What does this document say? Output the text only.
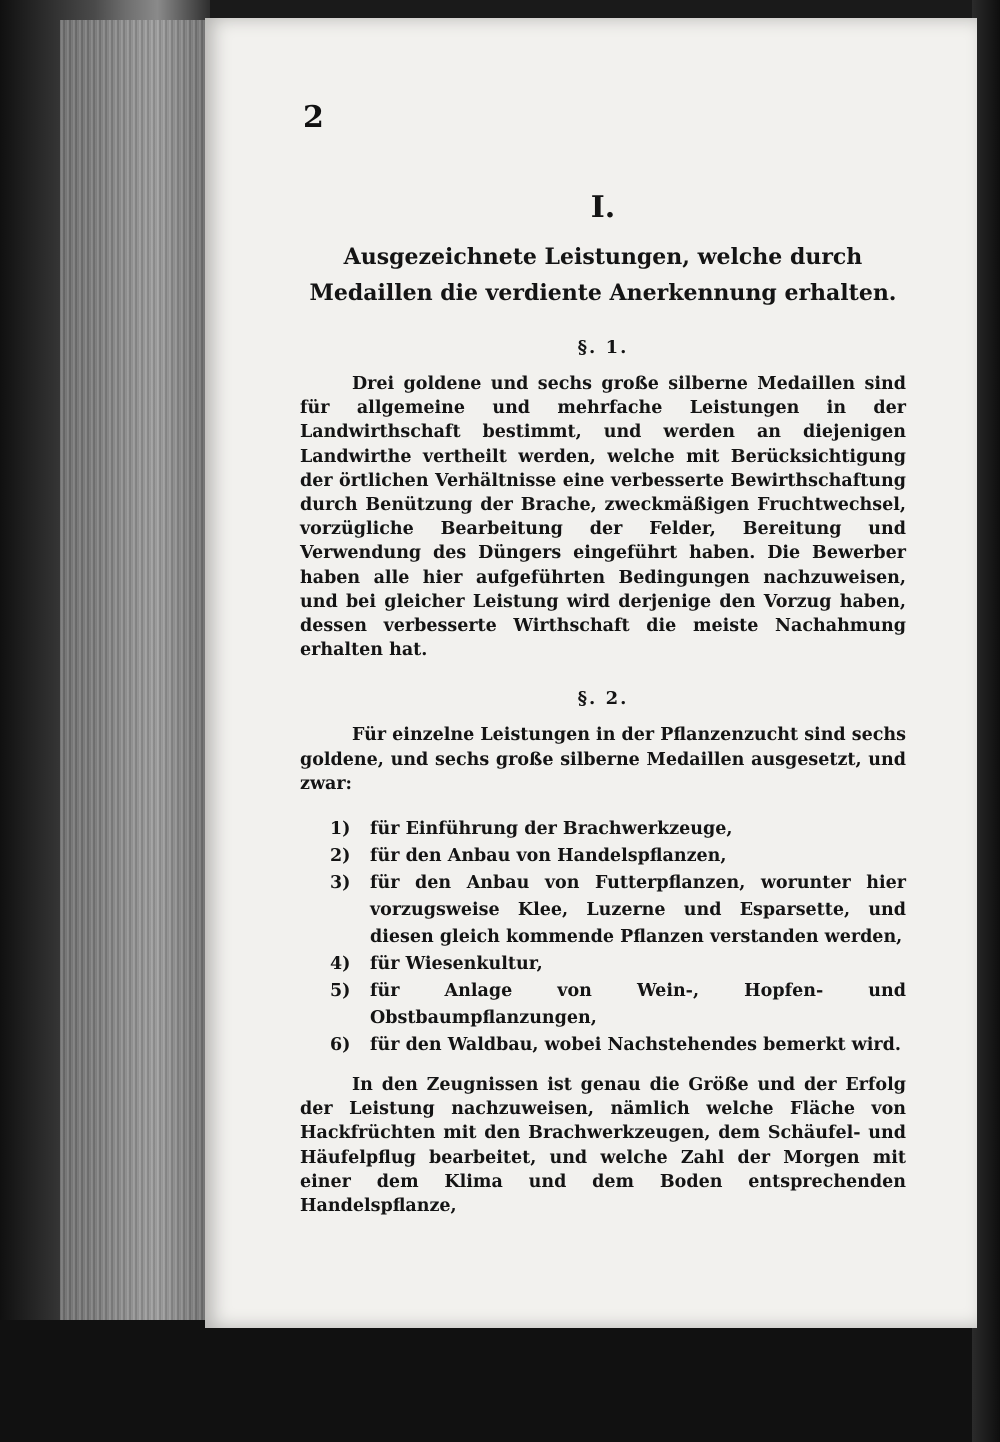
2
I.
Ausgezeichnete Leistungen, welche durch Medaillen die verdiente Anerkennung erhalten.
§. 1.

Drei goldene und sechs große silberne Medaillen sind für allgemeine und mehrfache Leistungen in der Landwirthschaft bestimmt, und werden an diejenigen Landwirthe vertheilt werden, welche mit Berücksichtigung der örtlichen Verhältnisse eine verbesserte Bewirthschaftung durch Benützung der Brache, zweckmäßigen Fruchtwechsel, vorzügliche Bearbeitung der Felder, Bereitung und Verwendung des Düngers eingeführt haben. Die Bewerber haben alle hier aufgeführten Bedingungen nachzuweisen, und bei gleicher Leistung wird derjenige den Vorzug haben, dessen verbesserte Wirthschaft die meiste Nachahmung erhalten hat.

§. 2.

Für einzelne Leistungen in der Pflanzenzucht sind sechs goldene, und sechs große silberne Medaillen ausgesetzt, und zwar:

1) für Einführung der Brachwerkzeuge,
2) für den Anbau von Handelspflanzen,
3) für den Anbau von Futterpflanzen, worunter hier vorzugsweise Klee, Luzerne und Esparsette, und diesen gleich kommende Pflanzen verstanden werden,
4) für Wiesenkultur,
5) für Anlage von Wein-, Hopfen- und Obstbaumpflanzungen,
6) für den Waldbau, wobei Nachstehendes bemerkt wird.

In den Zeugnissen ist genau die Größe und der Erfolg der Leistung nachzuweisen, nämlich welche Fläche von Hackfrüchten mit den Brachwerkzeugen, dem Schäufel- und Häufelpflug bearbeitet, und welche Zahl der Morgen mit einer dem Klima und dem Boden entsprechenden Handelspflanze,
